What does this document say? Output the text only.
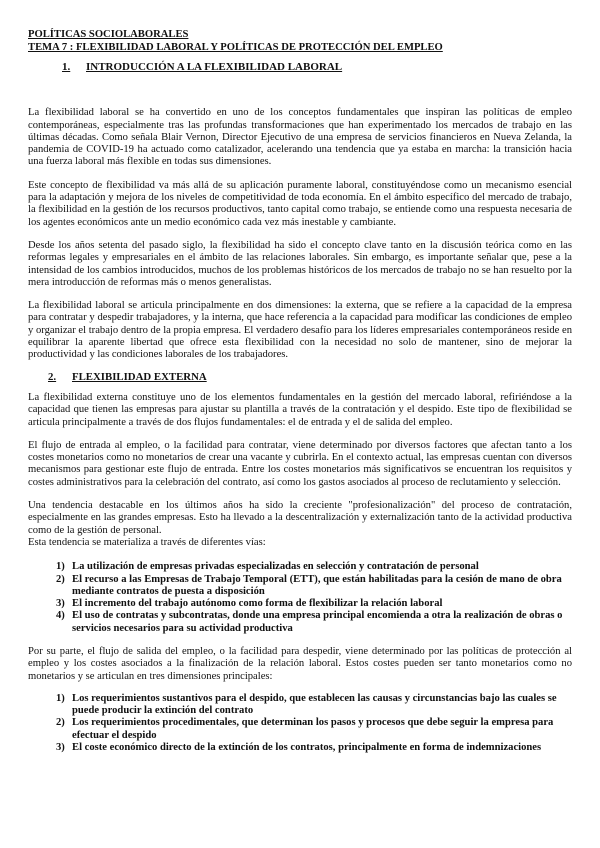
POLÍTICAS SOCIOLABORALES
TEMA 7 : FLEXIBILIDAD LABORAL Y POLÍTICAS DE PROTECCIÓN DEL EMPLEO
1.	INTRODUCCIÓN A LA FLEXIBILIDAD LABORAL

La flexibilidad laboral se ha convertido en uno de los conceptos fundamentales que inspiran las políticas de empleo contemporáneas, especialmente tras las profundas transformaciones que han experimentado los mercados de trabajo en las últimas décadas. Como señala Blair Vernon, Director Ejecutivo de una empresa de servicios financieros en Nueva Zelanda, la pandemia de COVID-19 ha actuado como catalizador, acelerando una tendencia que ya estaba en marcha: la transición hacia una fuerza laboral más flexible en todas sus dimensiones.

Este concepto de flexibilidad va más allá de su aplicación puramente laboral, constituyéndose como un mecanismo esencial para la adaptación y mejora de los niveles de competitividad de toda economía. En el ámbito específico del mercado de trabajo, la flexibilidad en la gestión de los recursos productivos, tanto capital como trabajo, se entiende como una respuesta necesaria de los agentes económicos ante un medio económico cada vez más inestable y cambiante.

Desde los años setenta del pasado siglo, la flexibilidad ha sido el concepto clave tanto en la discusión teórica como en las reformas legales y empresariales en el ámbito de las relaciones laborales. Sin embargo, es importante señalar que, pese a la intensidad de los cambios introducidos, muchos de los problemas históricos de los mercados de trabajo no se han resuelto por la mera introducción de reformas más o menos generalistas.

La flexibilidad laboral se articula principalmente en dos dimensiones: la externa, que se refiere a la capacidad de la empresa para contratar y despedir trabajadores, y la interna, que hace referencia a la capacidad para modificar las condiciones de empleo y organizar el trabajo dentro de la propia empresa. El verdadero desafío para los líderes empresariales contemporáneos reside en equilibrar la aparente libertad que ofrece esta flexibilidad con la necesidad no solo de mantener, sino de mejorar la productividad y las condiciones laborales de los trabajadores.

2.	FLEXIBILIDAD EXTERNA

La flexibilidad externa constituye uno de los elementos fundamentales en la gestión del mercado laboral, refiriéndose a la capacidad que tienen las empresas para ajustar su plantilla a través de la contratación y el despido. Este tipo de flexibilidad se articula principalmente a través de dos flujos fundamentales: el de entrada y el de salida del empleo.

El flujo de entrada al empleo, o la facilidad para contratar, viene determinado por diversos factores que afectan tanto a los costes monetarios como no monetarios de crear una vacante y cubrirla. En el contexto actual, las empresas cuentan con diversos mecanismos para gestionar este flujo de entrada. Entre los costes monetarios más significativos se encuentran los requisitos y costes administrativos para la celebración del contrato, así como los gastos asociados al proceso de reclutamiento y selección.

Una tendencia destacable en los últimos años ha sido la creciente "profesionalización" del proceso de contratación, especialmente en las grandes empresas. Esto ha llevado a la descentralización y externalización tanto de la actividad productiva como de la gestión de personal.

Esta tendencia se materializa a través de diferentes vías:

1) La utilización de empresas privadas especializadas en selección y contratación de personal
2) El recurso a las Empresas de Trabajo Temporal (ETT), que están habilitadas para la cesión de mano de obra mediante contratos de puesta a disposición
3) El incremento del trabajo autónomo como forma de flexibilizar la relación laboral
4) El uso de contratas y subcontratas, donde una empresa principal encomienda a otra la realización de obras o servicios necesarios para su actividad productiva

Por su parte, el flujo de salida del empleo, o la facilidad para despedir, viene determinado por las políticas de protección al empleo y los costes asociados a la finalización de la relación laboral. Estos costes pueden ser tanto monetarios como no monetarios y se articulan en tres dimensiones principales:

1) Los requerimientos sustantivos para el despido, que establecen las causas y circunstancias bajo las cuales se puede producir la extinción del contrato
2) Los requerimientos procedimentales, que determinan los pasos y procesos que debe seguir la empresa para efectuar el despido
3) El coste económico directo de la extinción de los contratos, principalmente en forma de indemnizaciones
